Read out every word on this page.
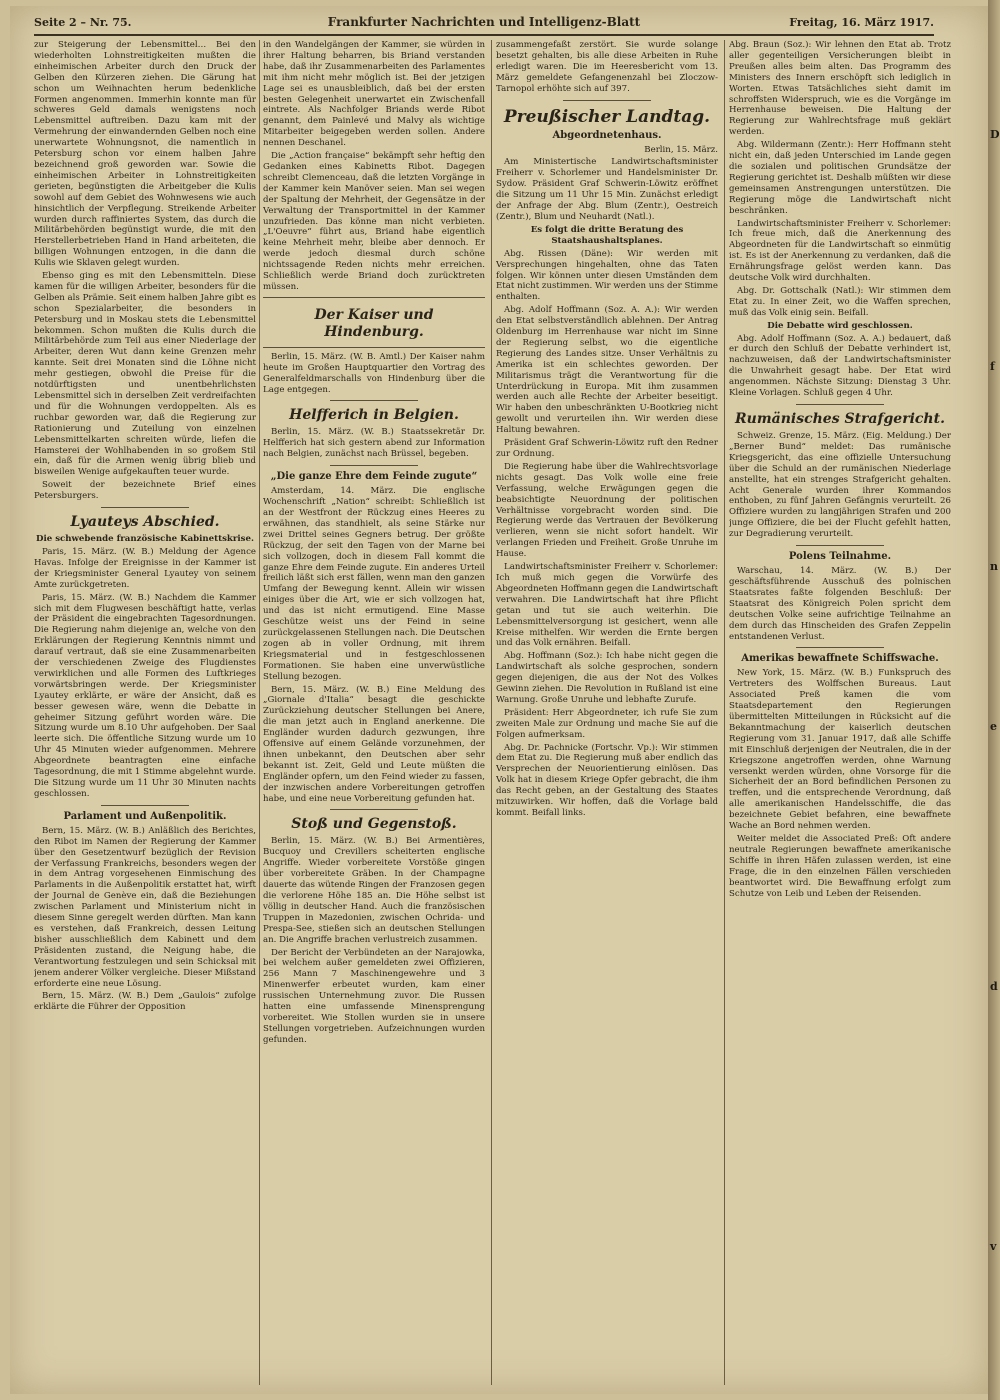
D
f
n
e
d
v
Seite 2 – Nr. 75.	Frankfurter Nachrichten und Intelligenz-Blatt	Freitag, 16. März 1917.

zur Steigerung der Lebensmittel… Bei den wiederholten Lohnstreitigkeiten mußten die einheimischen Arbeiter durch den Druck der Gelben den Kürzeren ziehen. Die Gärung hat schon um Weihnachten herum bedenkliche Formen angenommen. Immerhin konnte man für schweres Geld damals wenigstens noch Lebensmittel auftreiben. Dazu kam mit der Vermehrung der einwandernden Gelben noch eine unerwartete Wohnungsnot, die namentlich in Petersburg schon vor einem halben Jahre bezeichnend groß geworden war. Sowie die einheimischen Arbeiter in Lohnstreitigkeiten gerieten, begünstigten die Arbeitgeber die Kulis sowohl auf dem Gebiet des Wohnwesens wie auch hinsichtlich der Verpflegung. Streikende Arbeiter wurden durch raffiniertes System, das durch die Militärbehörden begünstigt wurde, die mit den Herstellerbetrieben Hand in Hand arbeiteten, die billigen Wohnungen entzogen, in die dann die Kulis wie Sklaven gelegt wurden.

Ebenso ging es mit den Lebensmitteln. Diese kamen für die willigen Arbeiter, besonders für die Gelben als Prämie. Seit einem halben Jahre gibt es schon Spezialarbeiter, die besonders in Petersburg und in Moskau stets die Lebensmittel bekommen. Schon mußten die Kulis durch die Militärbehörde zum Teil aus einer Niederlage der Arbeiter, deren Wut dann keine Grenzen mehr kannte. Seit drei Monaten sind die Löhne nicht mehr gestiegen, obwohl die Preise für die notdürftigsten und unentbehrlichsten Lebensmittel sich in derselben Zeit verdreifachten und für die Wohnungen verdoppelten. Als es ruchbar geworden war, daß die Regierung zur Rationierung und Zuteilung von einzelnen Lebensmittelkarten schreiten würde, liefen die Hamsterei der Wohlhabenden in so großem Stil ein, daß für die Armen wenig übrig blieb und bisweilen Wenige aufgekauften teuer wurde.

Soweit der bezeichnete Brief eines Petersburgers.

Lyauteys Abschied.
Die schwebende französische Kabinettskrise.

Paris, 15. März. (W. B.) Meldung der Agence Havas. Infolge der Ereignisse in der Kammer ist der Kriegsminister General Lyautey von seinem Amte zurückgetreten.

Paris, 15. März. (W. B.) Nachdem die Kammer sich mit dem Flugwesen beschäftigt hatte, verlas der Präsident die eingebrachten Tagesordnungen. Die Regierung nahm diejenige an, welche von den Erklärungen der Regierung Kenntnis nimmt und darauf vertraut, daß sie eine Zusammenarbeiten der verschiedenen Zweige des Flugdienstes verwirklichen und alle Formen des Luftkrieges vorwärtsbringen werde. Der Kriegsminister Lyautey erklärte, er wäre der Ansicht, daß es besser gewesen wäre, wenn die Debatte in geheimer Sitzung geführt worden wäre. Die Sitzung wurde um 8.10 Uhr aufgehoben. Der Saal leerte sich. Die öffentliche Sitzung wurde um 10 Uhr 45 Minuten wieder aufgenommen. Mehrere Abgeordnete beantragten eine einfache Tagesordnung, die mit 1 Stimme abgelehnt wurde. Die Sitzung wurde um 11 Uhr 30 Minuten nachts geschlossen.

Parlament und Außenpolitik.

Bern, 15. März. (W. B.) Anläßlich des Berichtes, den Ribot im Namen der Regierung der Kammer über den Gesetzentwurf bezüglich der Revision der Verfassung Frankreichs, besonders wegen der in dem Antrag vorgesehenen Einmischung des Parlaments in die Außenpolitik erstattet hat, wirft der Journal de Genève ein, daß die Beziehungen zwischen Parlament und Ministerium nicht in diesem Sinne geregelt werden dürften. Man kann es verstehen, daß Frankreich, dessen Leitung bisher ausschließlich dem Kabinett und dem Präsidenten zustand, die Neigung habe, die Verantwortung festzulegen und sein Schicksal mit jenem anderer Völker vergleiche. Dieser Mißstand erforderte eine neue Lösung.

Bern, 15. März. (W. B.) Dem „Gaulois“ zufolge erklärte die Führer der Opposition

in den Wandelgängen der Kammer, sie würden in ihrer Haltung beharren, bis Briand verstanden habe, daß ihr Zusammenarbeiten des Parlamentes mit ihm nicht mehr möglich ist. Bei der jetzigen Lage sei es unausbleiblich, daß bei der ersten besten Gelegenheit unerwartet ein Zwischenfall eintrete. Als Nachfolger Briands werde Ribot genannt, dem Painlevé und Malvy als wichtige Mitarbeiter beigegeben werden sollen. Andere nennen Deschanel.

Die „Action française“ bekämpft sehr heftig den Gedanken eines Kabinetts Ribot. Dagegen schreibt Clemenceau, daß die letzten Vorgänge in der Kammer kein Manöver seien. Man sei wegen der Spaltung der Mehrheit, der Gegensätze in der Verwaltung der Transportmittel in der Kammer unzufrieden. Das könne man nicht verbieten. „L'Oeuvre“ führt aus, Briand habe eigentlich keine Mehrheit mehr, bleibe aber dennoch. Er werde jedoch diesmal durch schöne nichtssagende Reden nichts mehr erreichen. Schließlich werde Briand doch zurücktreten müssen.

Der Kaiser und Hindenburg.

Berlin, 15. März. (W. B. Amtl.) Der Kaiser nahm heute im Großen Hauptquartier den Vortrag des Generalfeldmarschalls von Hindenburg über die Lage entgegen.

Helfferich in Belgien.

Berlin, 15. März. (W. B.) Staatssekretär Dr. Helfferich hat sich gestern abend zur Information nach Belgien, zunächst nach Brüssel, begeben.

„Die ganze Ehre dem Feinde zugute“

Amsterdam, 14. März. Die englische Wochenschrift „Nation“ schreibt: Schließlich ist an der Westfront der Rückzug eines Heeres zu erwähnen, das standhielt, als seine Stärke nur zwei Drittel seines Gegners betrug. Der größte Rückzug, der seit den Tagen von der Marne bei sich vollzogen, doch in diesem Fall kommt die ganze Ehre dem Feinde zugute. Ein anderes Urteil freilich läßt sich erst fällen, wenn man den ganzen Umfang der Bewegung kennt. Allein wir wissen einiges über die Art, wie er sich vollzogen hat, und das ist nicht ermutigend. Eine Masse Geschütze weist uns der Feind in seine zurückgelassenen Stellungen nach. Die Deutschen zogen ab in voller Ordnung, mit ihrem Kriegsmaterial und in festgeschlossenen Formationen. Sie haben eine unverwüstliche Stellung bezogen.

Bern, 15. März. (W. B.) Eine Meldung des „Giornale d'Italia“ besagt die geschickte Zurückziehung deutscher Stellungen bei Anere, die man jetzt auch in England anerkenne. Die Engländer wurden dadurch gezwungen, ihre Offensive auf einem Gelände vorzunehmen, der ihnen unbekannt, den Deutschen aber sehr bekannt ist. Zeit, Geld und Leute müßten die Engländer opfern, um den Feind wieder zu fassen, der inzwischen andere Vorbereitungen getroffen habe, und eine neue Vorbereitung gefunden hat.

Stoß und Gegenstoß.

Berlin, 15. März. (W. B.) Bei Armentières, Bucquoy und Crevillers scheiterten englische Angriffe. Wieder vorbereitete Vorstöße gingen über vorbereitete Gräben. In der Champagne dauerte das wütende Ringen der Franzosen gegen die verlorene Höhe 185 an. Die Höhe selbst ist völlig in deutscher Hand. Auch die französischen Truppen in Mazedonien, zwischen Ochrida- und Prespa-See, stießen sich an deutschen Stellungen an. Die Angriffe brachen verlustreich zusammen.

Der Bericht der Verbündeten an der Narajowka, bei welchem außer gemeldeten zwei Offizieren, 256 Mann 7 Maschinengewehre und 3 Minenwerfer erbeutet wurden, kam einer russischen Unternehmung zuvor. Die Russen hatten eine umfassende Minensprengung vorbereitet. Wie Stollen wurden sie in unsere Stellungen vorgetrieben. Aufzeichnungen wurden gefunden.

zusammengefaßt zerstört. Sie wurde solange besetzt gehalten, bis alle diese Arbeiten in Ruhe erledigt waren. Die im Heeresbericht vom 13. März gemeldete Gefangenenzahl bei Zloczow-Tarnopol erhöhte sich auf 397.

Preußischer Landtag.
Abgeordnetenhaus.

Berlin, 15. März.

Am Ministertische Landwirtschaftsminister Freiherr v. Schorlemer und Handelsminister Dr. Sydow. Präsident Graf Schwerin-Löwitz eröffnet die Sitzung um 11 Uhr 15 Min. Zunächst erledigt der Anfrage der Abg. Blum (Zentr.), Oestreich (Zentr.), Blum und Neuhardt (Natl.).

Es folgt die dritte Beratung des Staatshaushaltsplanes.

Abg. Rissen (Däne): Wir werden mit Versprechungen hingehalten, ohne das Taten folgen. Wir können unter diesen Umständen dem Etat nicht zustimmen. Wir werden uns der Stimme enthalten.

Abg. Adolf Hoffmann (Soz. A. A.): Wir werden den Etat selbstverständlich ablehnen. Der Antrag Oldenburg im Herrenhause war nicht im Sinne der Regierung selbst, wo die eigentliche Regierung des Landes sitze. Unser Verhältnis zu Amerika ist ein schlechtes geworden. Der Militarismus trägt die Verantwortung für die Unterdrückung in Europa. Mit ihm zusammen werden auch alle Rechte der Arbeiter beseitigt. Wir haben den unbeschränkten U-Bootkrieg nicht gewollt und verurteilen ihn. Wir werden diese Haltung bewahren.

Präsident Graf Schwerin-Löwitz ruft den Redner zur Ordnung.

Die Regierung habe über die Wahlrechtsvorlage nichts gesagt. Das Volk wolle eine freie Verfassung, welche Erwägungen gegen die beabsichtigte Neuordnung der politischen Verhältnisse vorgebracht worden sind. Die Regierung werde das Vertrauen der Bevölkerung verlieren, wenn sie nicht sofort handelt. Wir verlangen Frieden und Freiheit. Große Unruhe im Hause.

Landwirtschaftsminister Freiherr v. Schorlemer: Ich muß mich gegen die Vorwürfe des Abgeordneten Hoffmann gegen die Landwirtschaft verwahren. Die Landwirtschaft hat ihre Pflicht getan und tut sie auch weiterhin. Die Lebensmittelversorgung ist gesichert, wenn alle Kreise mithelfen. Wir werden die Ernte bergen und das Volk ernähren. Beifall.

Abg. Hoffmann (Soz.): Ich habe nicht gegen die Landwirtschaft als solche gesprochen, sondern gegen diejenigen, die aus der Not des Volkes Gewinn ziehen. Die Revolution in Rußland ist eine Warnung. Große Unruhe und lebhafte Zurufe.

Präsident: Herr Abgeordneter, ich rufe Sie zum zweiten Male zur Ordnung und mache Sie auf die Folgen aufmerksam.

Abg. Dr. Pachnicke (Fortschr. Vp.): Wir stimmen dem Etat zu. Die Regierung muß aber endlich das Versprechen der Neuorientierung einlösen. Das Volk hat in diesem Kriege Opfer gebracht, die ihm das Recht geben, an der Gestaltung des Staates mitzuwirken. Wir hoffen, daß die Vorlage bald kommt. Beifall links.

Abg. Braun (Soz.): Wir lehnen den Etat ab. Trotz aller gegenteiligen Versicherungen bleibt in Preußen alles beim alten. Das Programm des Ministers des Innern erschöpft sich lediglich in Worten. Etwas Tatsächliches sieht damit im schroffsten Widerspruch, wie es die Vorgänge im Herrenhause beweisen. Die Haltung der Regierung zur Wahlrechtsfrage muß geklärt werden.

Abg. Wildermann (Zentr.): Herr Hoffmann steht nicht ein, daß jeden Unterschied im Lande gegen die sozialen und politischen Grundsätze der Regierung gerichtet ist. Deshalb müßten wir diese gemeinsamen Anstrengungen unterstützen. Die Regierung möge die Landwirtschaft nicht beschränken.

Landwirtschaftsminister Freiherr v. Schorlemer: Ich freue mich, daß die Anerkennung des Abgeordneten für die Landwirtschaft so einmütig ist. Es ist der Anerkennung zu verdanken, daß die Ernährungsfrage gelöst werden kann. Das deutsche Volk wird durchhalten.

Abg. Dr. Gottschalk (Natl.): Wir stimmen dem Etat zu. In einer Zeit, wo die Waffen sprechen, muß das Volk einig sein. Beifall.

Die Debatte wird geschlossen.

Abg. Adolf Hoffmann (Soz. A. A.) bedauert, daß er durch den Schluß der Debatte verhindert ist, nachzuweisen, daß der Landwirtschaftsminister die Unwahrheit gesagt habe. Der Etat wird angenommen. Nächste Sitzung: Dienstag 3 Uhr. Kleine Vorlagen. Schluß gegen 4 Uhr.

Rumänisches Strafgericht.

Schweiz. Grenze, 15. März. (Eig. Meldung.) Der „Berner Bund“ meldet: Das rumänische Kriegsgericht, das eine offizielle Untersuchung über die Schuld an der rumänischen Niederlage anstellte, hat ein strenges Strafgericht gehalten. Acht Generale wurden ihrer Kommandos enthoben, zu fünf Jahren Gefängnis verurteilt. 26 Offiziere wurden zu langjährigen Strafen und 200 junge Offiziere, die bei der Flucht gefehlt hatten, zur Degradierung verurteilt.

Polens Teilnahme.

Warschau, 14. März. (W. B.) Der geschäftsführende Ausschuß des polnischen Staatsrates faßte folgenden Beschluß: Der Staatsrat des Königreich Polen spricht dem deutschen Volke seine aufrichtige Teilnahme an dem durch das Hinscheiden des Grafen Zeppelin entstandenen Verlust.

Amerikas bewaffnete Schiffswache.

New York, 15. März. (W. B.) Funkspruch des Vertreters des Wolffschen Bureaus. Laut Associated Preß kamen die vom Staatsdepartement den Regierungen übermittelten Mitteilungen in Rücksicht auf die Bekanntmachung der kaiserlich deutschen Regierung vom 31. Januar 1917, daß alle Schiffe mit Einschluß derjenigen der Neutralen, die in der Kriegszone angetroffen werden, ohne Warnung versenkt werden würden, ohne Vorsorge für die Sicherheit der an Bord befindlichen Personen zu treffen, und die entsprechende Verordnung, daß alle amerikanischen Handelsschiffe, die das bezeichnete Gebiet befahren, eine bewaffnete Wache an Bord nehmen werden.

Weiter meldet die Associated Preß: Oft andere neutrale Regierungen bewaffnete amerikanische Schiffe in ihren Häfen zulassen werden, ist eine Frage, die in den einzelnen Fällen verschieden beantwortet wird. Die Bewaffnung erfolgt zum Schutze von Leib und Leben der Reisenden.
